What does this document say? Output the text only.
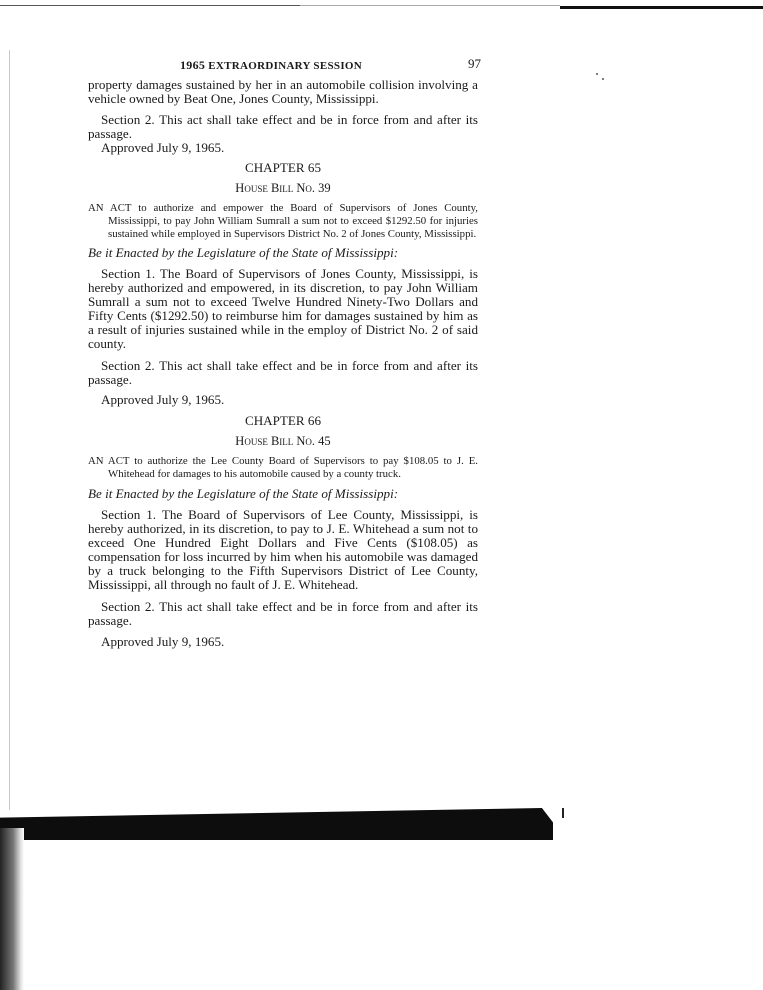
1965 EXTRAORDINARY SESSION	97

property damages sustained by her in an automobile collision involving a vehicle owned by Beat One, Jones County, Mississippi.

Section 2. This act shall take effect and be in force from and after its passage.

Approved July 9, 1965.

CHAPTER 65

House Bill No. 39

AN ACT to authorize and empower the Board of Supervisors of Jones County, Mississippi, to pay John William Sumrall a sum not to exceed $1292.50 for injuries sustained while employed in Supervisors District No. 2 of Jones County, Mississippi.

Be it Enacted by the Legislature of the State of Mississippi:

Section 1. The Board of Supervisors of Jones County, Mississippi, is hereby authorized and empowered, in its discretion, to pay John William Sumrall a sum not to exceed Twelve Hundred Ninety-Two Dollars and Fifty Cents ($1292.50) to reimburse him for damages sustained by him as a result of injuries sustained while in the employ of District No. 2 of said county.

Section 2. This act shall take effect and be in force from and after its passage.

Approved July 9, 1965.

CHAPTER 66

House Bill No. 45

AN ACT to authorize the Lee County Board of Supervisors to pay $108.05 to J. E. Whitehead for damages to his automobile caused by a county truck.

Be it Enacted by the Legislature of the State of Mississippi:

Section 1. The Board of Supervisors of Lee County, Mississippi, is hereby authorized, in its discretion, to pay to J. E. Whitehead a sum not to exceed One Hundred Eight Dollars and Five Cents ($108.05) as compensation for loss incurred by him when his automobile was damaged by a truck belonging to the Fifth Supervisors District of Lee County, Mississippi, all through no fault of J. E. Whitehead.

Section 2. This act shall take effect and be in force from and after its passage.

Approved July 9, 1965.
